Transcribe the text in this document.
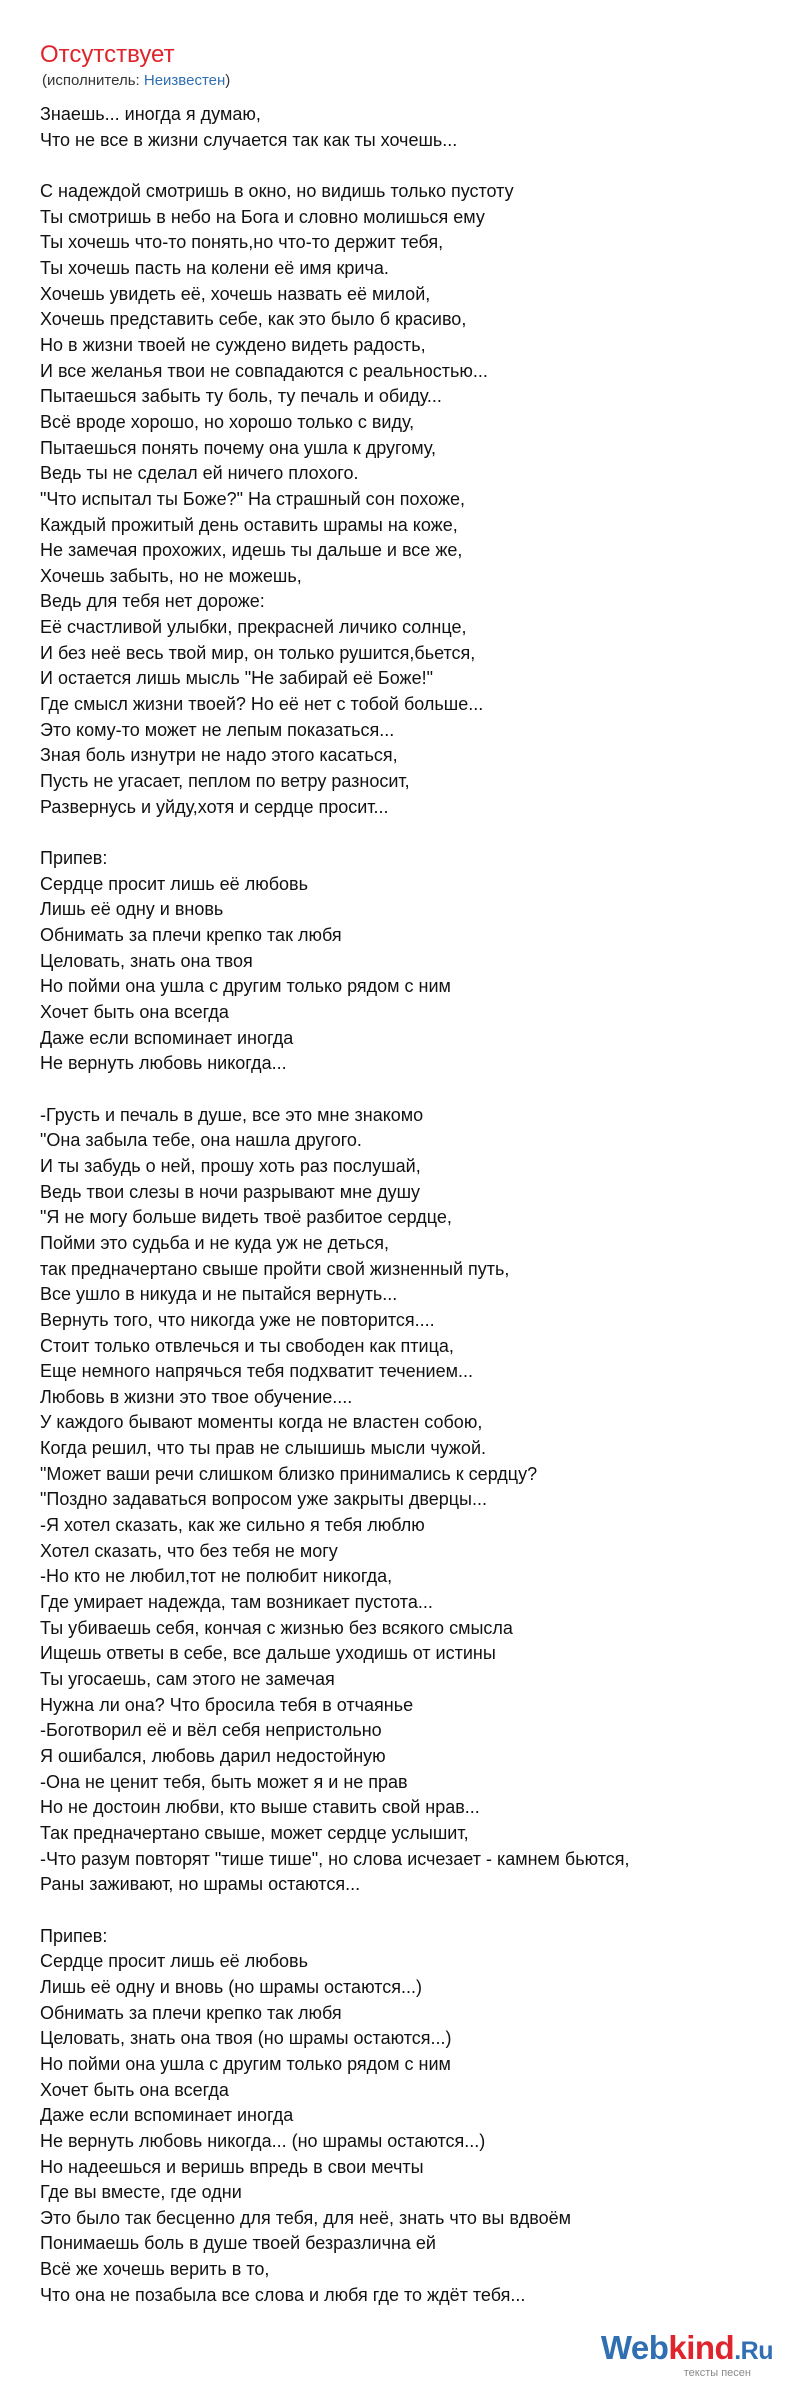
Отсутствует
(исполнитель: Неизвестен)
Знаешь... иногда я думаю,
Что не все в жизни случается так как ты хочешь...
С надеждой смотришь в окно, но видишь только пустоту
Ты смотришь в небо на Бога и словно молишься ему
Ты хочешь что-то понять,но что-то держит тебя,
Ты хочешь пасть на колени её имя крича.
Хочешь увидеть её, хочешь назвать её милой,
Хочешь представить себе, как это было б красиво,
Но в жизни твоей не суждено видеть радость,
И все желанья твои не совпадаются с реальностью...
Пытаешься забыть ту боль, ту печаль и обиду...
Всё вроде хорошо, но хорошо только с виду,
Пытаешься понять почему она ушла к другому,
Ведь ты не сделал ей ничего плохого.
"Что испытал ты Боже?" На страшный сон похоже,
Каждый прожитый день оставить шрамы на коже,
Не замечая прохожих, идешь ты дальше и все же,
Хочешь забыть, но не можешь,
Ведь для тебя нет дороже:
Её счастливой улыбки, прекрасней личико солнце,
И без неё весь твой мир, он только рушится,бьется,
И остается лишь мысль "Не забирай её Боже!"
Где смысл жизни твоей? Но её нет с тобой больше...
Это кому-то может не лепым показаться...
Зная боль изнутри не надо этого касаться,
Пусть не угасает, пеплом по ветру разносит,
Развернусь и уйду,хотя и сердце просит...
Припев:
Сердце просит лишь её любовь
Лишь её одну и вновь
Обнимать за плечи крепко так любя
Целовать, знать она твоя
Но пойми она ушла с другим только рядом с ним
Хочет быть она всегда
Даже если вспоминает иногда
Не вернуть любовь никогда...
-Грусть и печаль в душе, все это мне знакомо
"Она забыла тебе, она нашла другого.
И ты забудь о ней, прошу хоть раз послушай,
Ведь твои слезы в ночи разрывают мне душу
"Я не могу больше видеть твоё разбитое сердце,
Пойми это судьба и не куда уж не деться,
так предначертано свыше пройти свой жизненный путь,
Все ушло в никуда и не пытайся вернуть...
Вернуть того, что никогда уже не повторится....
Стоит только отвлечься и ты свободен как птица,
Еще немного напрячься тебя подхватит течением...
Любовь в жизни это твое обучение....
У каждого бывают моменты когда не властен собою,
Когда решил, что ты прав не слышишь мысли чужой.
"Может ваши речи слишком близко принимались к сердцу?
"Поздно задаваться вопросом уже закрыты дверцы...
-Я хотел сказать, как же сильно я тебя люблю
Хотел сказать, что без тебя не могу
-Но кто не любил,тот не полюбит никогда,
Где умирает надежда, там возникает пустота...
Ты убиваешь себя, кончая с жизнью без всякого смысла
Ищешь ответы в себе, все дальше уходишь от истины
Ты угосаешь, сам этого не замечая
Нужна ли она? Что бросила тебя в отчаянье
-Боготворил её и вёл себя непристольно
Я ошибался, любовь дарил недостойную
-Она не ценит тебя, быть может я и не прав
Но не достоин любви, кто выше ставить свой нрав...
Так предначертано свыше, может сердце услышит,
-Что разум повторят "тише тише", но слова исчезает - камнем бьются,
Раны заживают, но шрамы остаются...
Припев:
Сердце просит лишь её любовь
Лишь её одну и вновь (но шрамы остаются...)
Обнимать за плечи крепко так любя
Целовать, знать она твоя (но шрамы остаются...)
Но пойми она ушла с другим только рядом с ним
Хочет быть она всегда
Даже если вспоминает иногда
Не вернуть любовь никогда... (но шрамы остаются...)
Но надеешься и веришь впредь в свои мечты
Где вы вместе, где одни
Это было так бесценно для тебя, для неё, знать что вы вдвоём
Понимаешь боль в душе твоей безразлична ей
Всё же хочешь верить в то,
Что она не позабыла все слова и любя где то ждёт тебя...
Webkind.Ru
тексты песен
